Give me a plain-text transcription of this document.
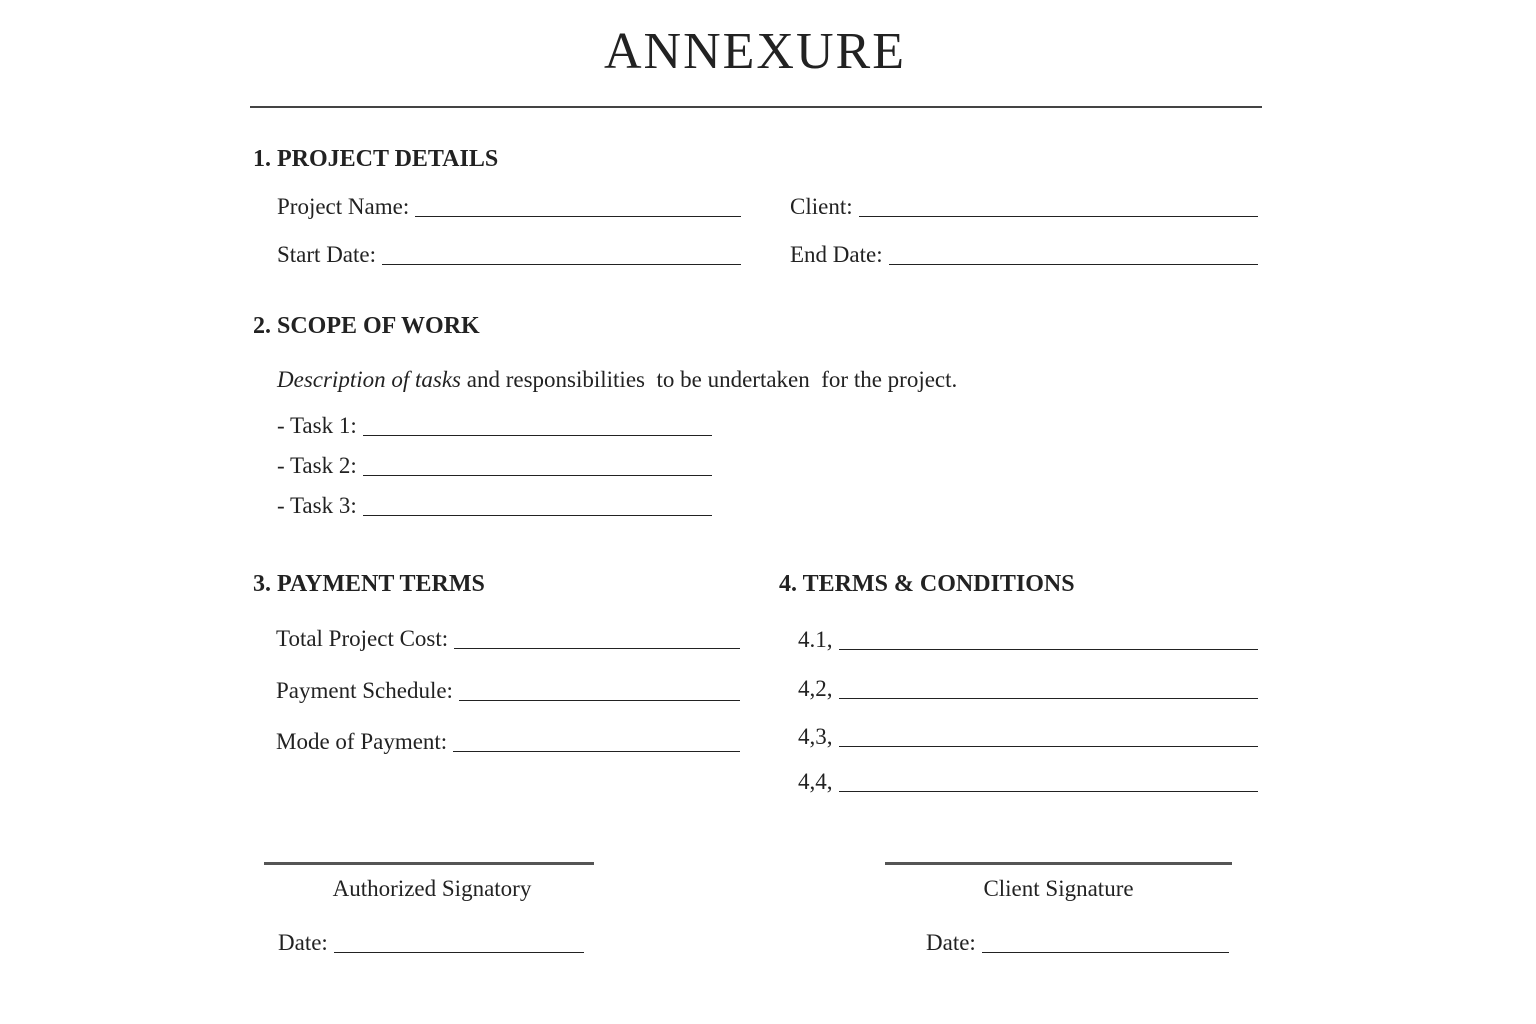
ANNEXURE
1. PROJECT DETAILS
Project Name:	Client:
Start Date:	End Date:
2. SCOPE OF WORK
Description of tasks and responsibilities  to be undertaken  for the project.
- Task 1:
- Task 2:
- Task 3:
3. PAYMENT TERMS
Total Project Cost:
Payment Schedule:
Mode of Payment:
4. TERMS & CONDITIONS
4.1,
4,2,
4,3,
4,4,
Authorized Signatory
Date:
Client Signature
Date:
